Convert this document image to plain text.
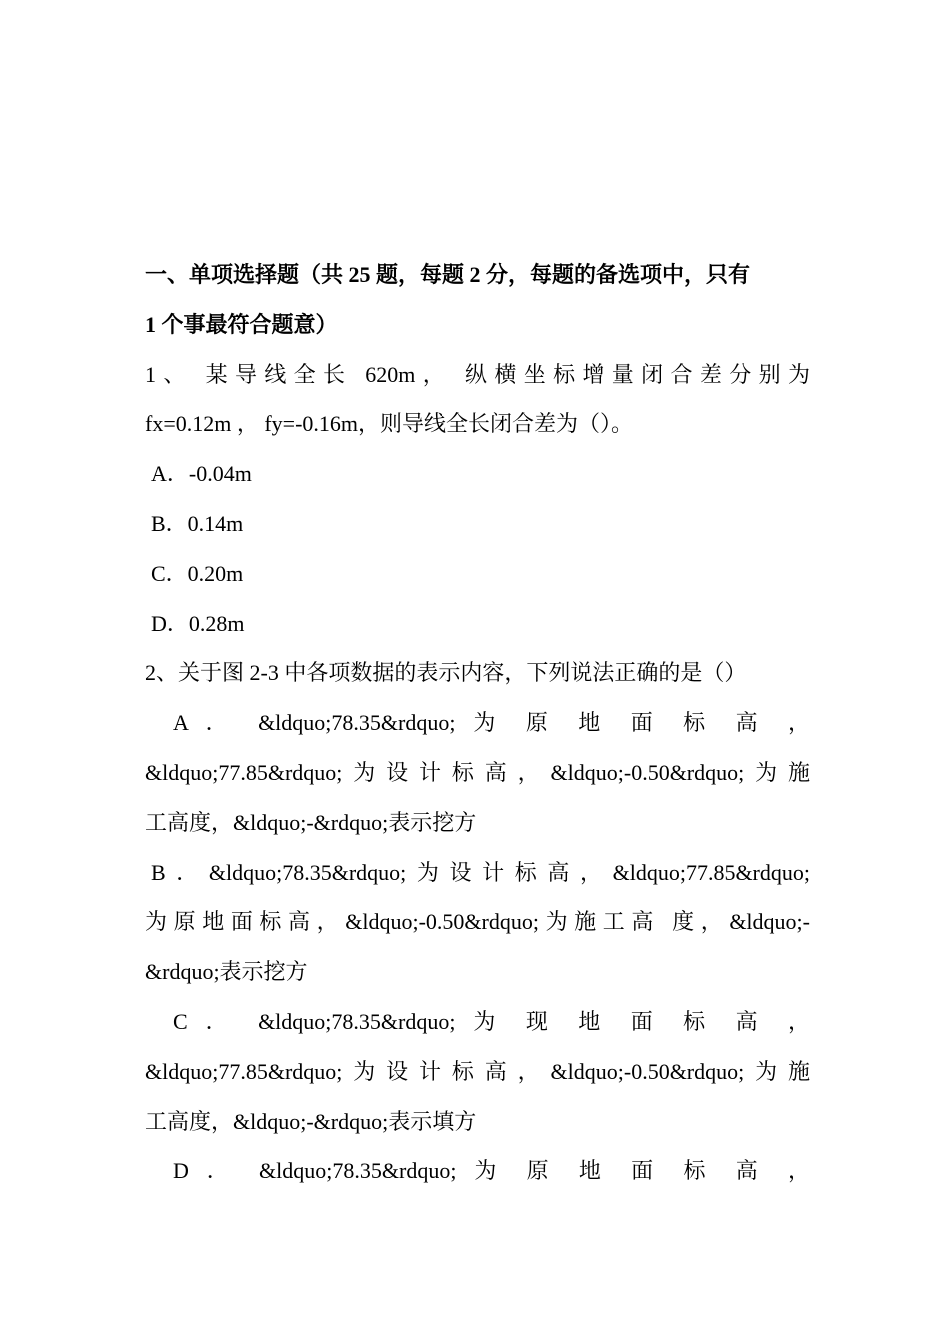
一、单项选择题（共 25 题，每题 2 分，每题的备选项中，只有
1 个事最符合题意）
1、 某导线全长 620m， 纵横坐标增量闭合差分别为
fx=0.12m ， fy=-0.16m，则导线全长闭合差为（）。
A．-0.04m
B．0.14m
C．0.20m
D．0.28m
2、关于图 2-3 中各项数据的表示内容，下列说法正确的是（）
A ． &ldquo;78.35&rdquo; 为 原 地 面 标 高 ，
&ldquo;77.85&rdquo;为设计标高，&ldquo;-0.50&rdquo;为施
工高度，&ldquo;-&rdquo;表示挖方
B．&ldquo;78.35&rdquo;为设计标高，&ldquo;77.85&rdquo;
为原地面标高，&ldquo;-0.50&rdquo;为施工高 度，&ldquo;-
&rdquo;表示挖方
C ． &ldquo;78.35&rdquo; 为 现 地 面 标 高 ，
&ldquo;77.85&rdquo;为设计标高，&ldquo;-0.50&rdquo;为施
工高度，&ldquo;-&rdquo;表示填方
D ． &ldquo;78.35&rdquo; 为 原 地 面 标 高 ，
